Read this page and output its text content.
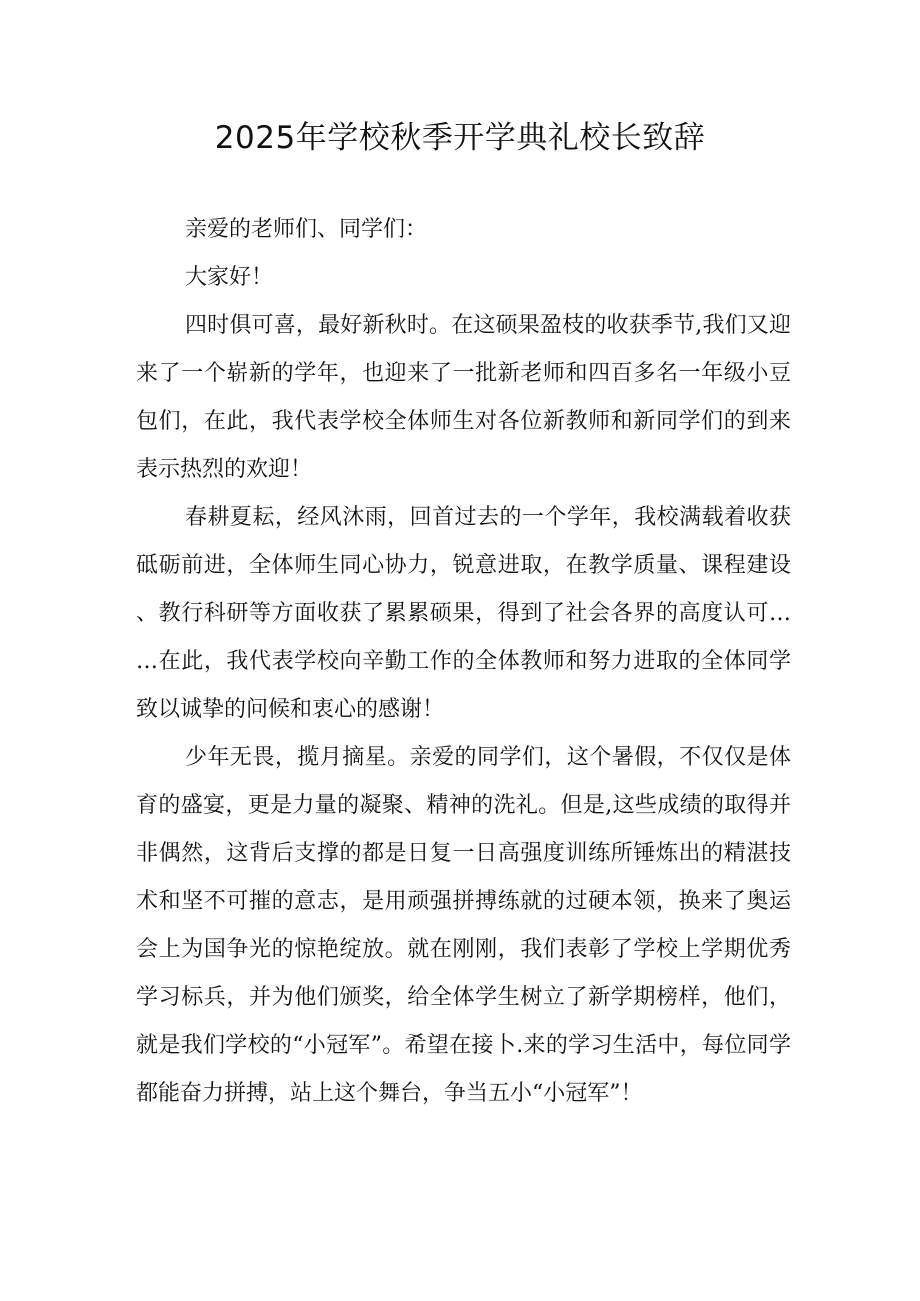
2025年学校秋季开学典礼校长致辞

亲爱的老师们、同学们：

大家好！

四时俱可喜，最好新秋时。在这硕果盈枝的收获季节,我们又迎来了一个崭新的学年，也迎来了一批新老师和四百多名一年级小豆包们，在此，我代表学校全体师生对各位新教师和新同学们的到来表示热烈的欢迎！

春耕夏耘，经风沐雨，回首过去的一个学年，我校满载着收获砥砺前进，全体师生同心协力，锐意进取，在教学质量、课程建设、教行科研等方面收获了累累硕果，得到了社会各界的高度认可……在此，我代表学校向辛勤工作的全体教师和努力进取的全体同学致以诚挚的问候和衷心的感谢！

少年无畏，揽月摘星。亲爱的同学们，这个暑假，不仅仅是体育的盛宴，更是力量的凝聚、精神的洗礼。但是,这些成绩的取得并非偶然，这背后支撑的都是日复一日高强度训练所锤炼出的精湛技术和坚不可摧的意志，是用顽强拼搏练就的过硬本领，换来了奥运会上为国争光的惊艳绽放。就在刚刚，我们表彰了学校上学期优秀学习标兵，并为他们颁奖，给全体学生树立了新学期榜样，他们，就是我们学校的“小冠军”。希望在接卜.来的学习生活中，每位同学都能奋力拼搏，站上这个舞台，争当五小“小冠军”！
